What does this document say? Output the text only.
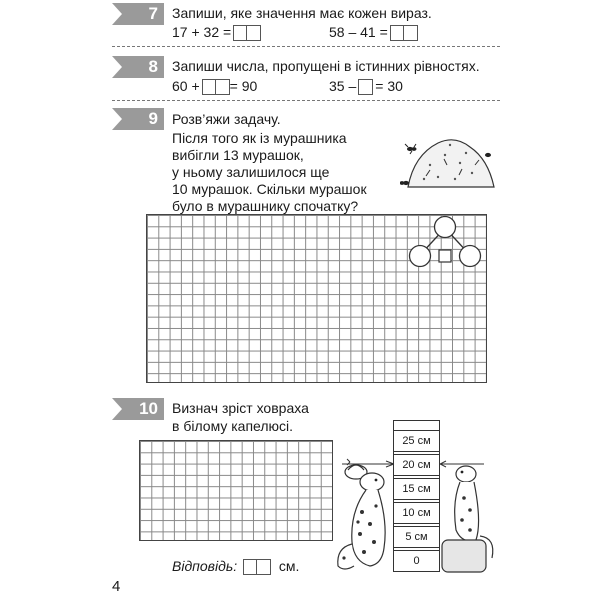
7	Запиши, яке значення має кожен вираз.
17 + 32 =	58 – 41 =
8	Запиши числа, пропущені в істинних рівностях.
60 + = 90	35 – = 30
9	Розв’яжи задачу.
Після того як із мурашника
вибігли 13 мурашок,
у ньому залишилося ще
10 мурашок. Скільки мурашок
було в мурашнику спочатку?
10	Визнач зріст ховраха
в білому капелюсі.
Відповідь:	см.
25 см
20 см
15 см
10 см
5 см
0
4
